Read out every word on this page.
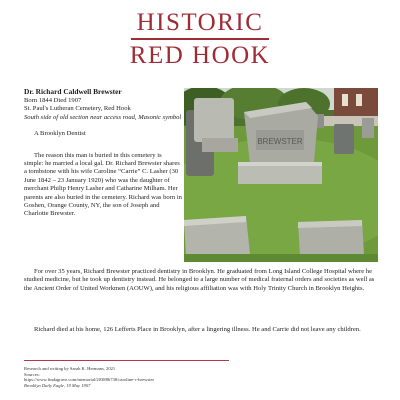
HISTORIC
RED HOOK
Dr. Richard Caldwell Brewster
Born 1844 Died 1907
St. Paul's Lutheran Cemetery, Red Hook
South side of old section near access road, Masonic symbol
A Brooklyn Dentist

The reason this man is buried in this cemetery is simple: he married a local gal. Dr. Richard Brewster shares a tombstone with his wife Caroline “Carrie” C. Lasher (30 June 1842 – 23 January 1920) who was the daughter of merchant Philip Henry Lasher and Catharine Milham. Her parents are also buried in the cemetery. Richard was born in Goshen, Orange County, NY, the son of Joseph and Charlotte Brewster.

BREWSTER

For over 35 years, Richard Brewster practiced dentistry in Brooklyn. He graduated from Long Island College Hospital where he studied medicine, but he took up dentistry instead. He belonged to a large number of medical fraternal orders and societies as well as the Ancient Order of United Workmen (AOUW), and his religious affiliation was with Holy Trinity Church in Brooklyn Heights.

Richard died at his home, 126 Lefferts Place in Brooklyn, after a lingering illness. He and Carrie did not leave any children.

Research and writing by Sarah K. Hermans, 2021
Sources:
https://www.findagrave.com/memorial/203886738/caroline-c-brewster
Brooklyn Daily Eagle, 19 May 1907
